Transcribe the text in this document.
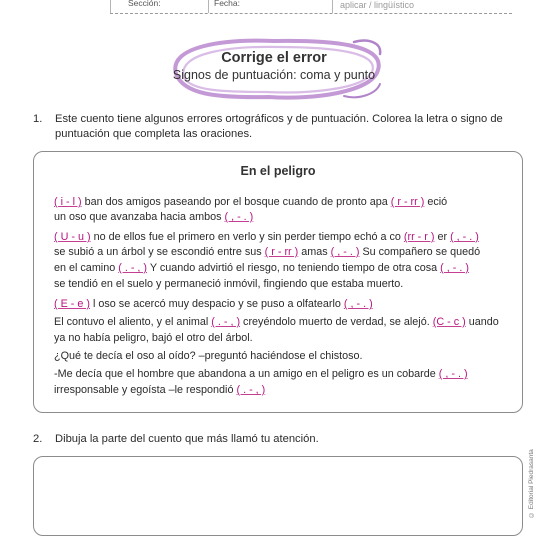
Sección:	Fecha:	aplicar / lingüístico
Corrige el error
Signos de puntuación: coma y punto
1. Este cuento tiene algunos errores ortográficos y de puntuación. Colorea la letra o signo de
puntuación que completa las oraciones.
En el peligro
( i - l ) ban dos amigos paseando por el bosque cuando de pronto apa ( r - rr ) eció
un oso que avanzaba hacia ambos ( , - . )
( U - u ) no de ellos fue el primero en verlo y sin perder tiempo echó a co (rr - r ) er ( , - . )
se subió a un árbol y se escondió entre sus ( r - rr ) amas ( , - . ) Su compañero se quedó
en el camino ( . - , ) Y cuando advirtió el riesgo, no teniendo tiempo de otra cosa ( , - . )
se tendió en el suelo y permaneció inmóvil, fingiendo que estaba muerto.
( E - e ) l oso se acercó muy despacio y se puso a olfatearlo ( , - . )
El contuvo el aliento, y el animal ( . - , ) creyéndolo muerto de verdad, se alejó. (C - c ) uando
ya no había peligro, bajó el otro del árbol.
¿Qué te decía el oso al oído? –preguntó haciéndose el chistoso.
-Me decía que el hombre que abandona a un amigo en el peligro es un cobarde ( , - . )
irresponsable y egoísta –le respondió ( . - , )
2. Dibuja la parte del cuento que más llamó tu atención.
© Editorial Piedrasanta
